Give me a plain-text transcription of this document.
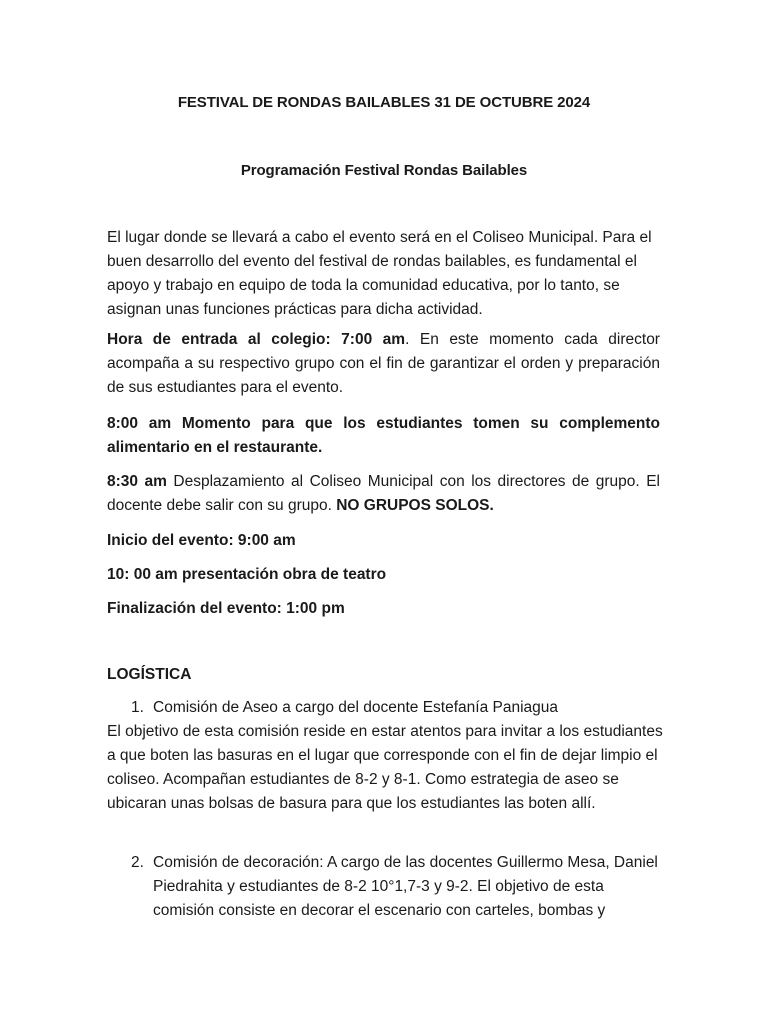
FESTIVAL DE RONDAS BAILABLES 31 DE OCTUBRE 2024
Programación Festival Rondas Bailables
El lugar donde se llevará a cabo el evento será en el Coliseo Municipal. Para el buen desarrollo del evento del festival de rondas bailables, es fundamental el apoyo y trabajo en equipo de toda la comunidad educativa, por lo tanto, se asignan unas funciones prácticas para dicha actividad.
Hora de entrada al colegio: 7:00 am. En este momento cada director acompaña a su respectivo grupo con el fin de garantizar el orden y preparación de sus estudiantes para el evento.
8:00 am Momento para que los estudiantes tomen su complemento alimentario en el restaurante.
8:30 am Desplazamiento al Coliseo Municipal con los directores de grupo. El docente debe salir con su grupo. NO GRUPOS SOLOS.
Inicio del evento: 9:00 am
10: 00 am presentación obra de teatro
Finalización del evento: 1:00 pm
LOGÍSTICA
1. Comisión de Aseo a cargo del docente Estefanía Paniagua
El objetivo de esta comisión reside en estar atentos para invitar a los estudiantes a que boten las basuras en el lugar que corresponde con el fin de dejar limpio el coliseo. Acompañan estudiantes de 8-2 y 8-1. Como estrategia de aseo se ubicaran unas bolsas de basura para que los estudiantes las boten allí.
2. Comisión de decoración: A cargo de las docentes Guillermo Mesa, Daniel Piedrahita y estudiantes de 8-2 10°1,7-3 y 9-2. El objetivo de esta comisión consiste en decorar el escenario con carteles, bombas y
